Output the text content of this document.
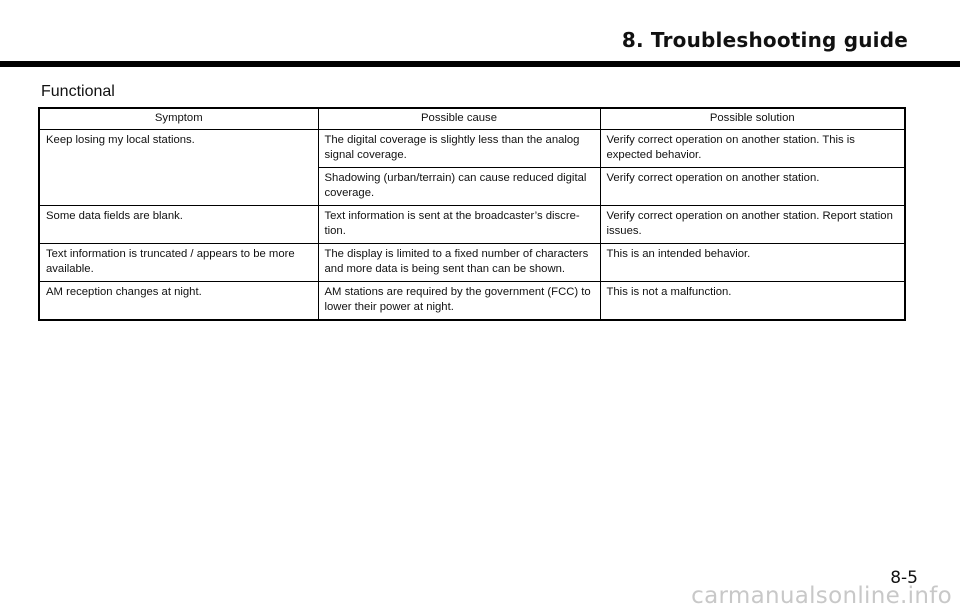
8. Troubleshooting guide
Functional
Symptom	Possible cause	Possible solution
Keep losing my local stations.	The digital coverage is slightly less than the analog signal coverage.	Verify correct operation on another station. This is expected behavior.
	Shadowing (urban/terrain) can cause reduced digital coverage.	Verify correct operation on another station.
Some data fields are blank.	Text information is sent at the broadcaster’s discre-tion.	Verify correct operation on another station. Report station issues.
Text information is truncated / appears to be more available.	The display is limited to a fixed number of characters and more data is being sent than can be shown.	This is an intended behavior.
AM reception changes at night.	AM stations are required by the government (FCC) to lower their power at night.	This is not a malfunction.
8-5
carmanualsonline.info
